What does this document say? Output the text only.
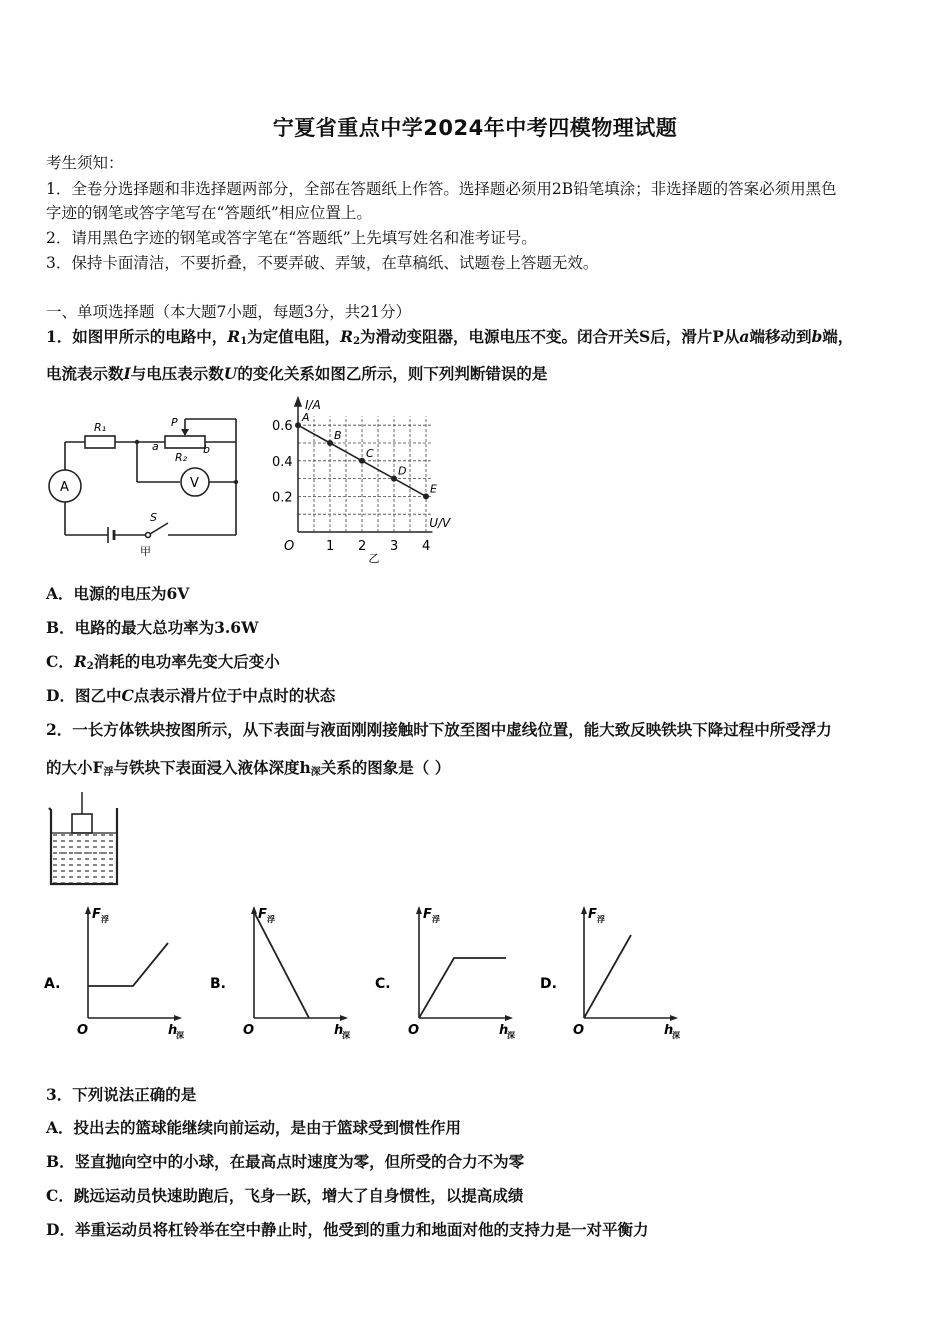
宁夏省重点中学2024年中考四模物理试题
考生须知：
1．全卷分选择题和非选择题两部分，全部在答题纸上作答。选择题必须用2B铅笔填涂；非选择题的答案必须用黑色
字迹的钢笔或答字笔写在“答题纸”相应位置上。
2．请用黑色字迹的钢笔或答字笔在“答题纸”上先填写姓名和准考证号。
3．保持卡面清洁，不要折叠，不要弄破、弄皱，在草稿纸、试题卷上答题无效。
一、单项选择题（本大题7小题，每题3分，共21分）
1．如图甲所示的电路中，$R_1$为定值电阻，$R_2$为滑动变阻器，电源电压不变。闭合开关S后，滑片P从a端移动到b端，
电流表示数I与电压表示数U的变化关系如图乙所示，则下列判断错误的是
R₁
R₂
P
a	b
A	V
S
甲
A
B
C
D
E
1 2 3 4
0.2
0.4
0.6
I/A
U/V
O
乙
A．电源的电压为6V
B．电路的最大总功率为3.6W
C．$R_2$消耗的电功率先变大后变小
D．图乙中C点表示滑片位于中点时的状态
2．一长方体铁块按图所示，从下表面与液面刚刚接触时下放至图中虚线位置，能大致反映铁块下降过程中所受浮力
的大小$F_浮$与铁块下表面浸入液体深度$h_深$关系的图象是（ ）
A.
F 浮
h
深
O
B.
F 浮
h
深
O
C.
F 浮
h
深
O
D.
F 浮
h
深
O
3．下列说法正确的是
A．投出去的篮球能继续向前运动，是由于篮球受到惯性作用
B．竖直抛向空中的小球，在最高点时速度为零，但所受的合力不为零
C．跳远运动员快速助跑后，飞身一跃，增大了自身惯性，以提高成绩
D．举重运动员将杠铃举在空中静止时，他受到的重力和地面对他的支持力是一对平衡力
